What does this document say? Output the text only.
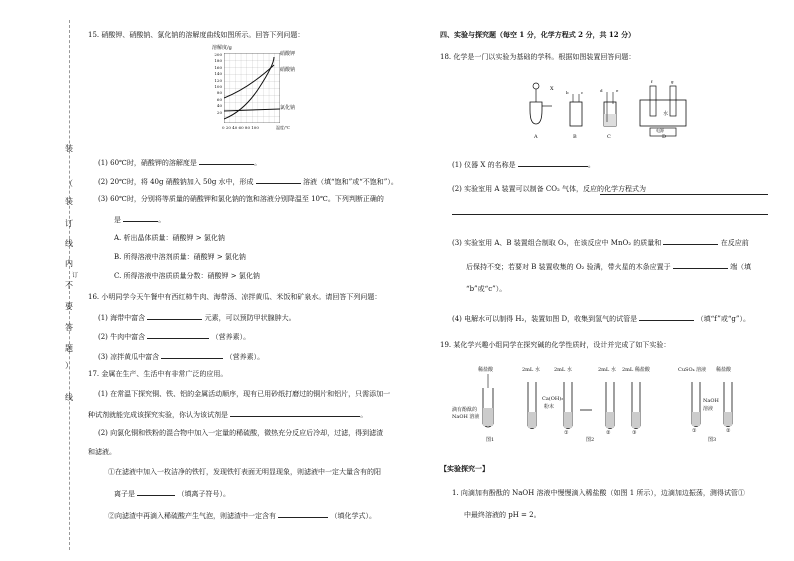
装
（
装
订
线
内
不
要
答
题
）
订
线
15. 硝酸钾、硝酸钠、氯化钠的溶解度曲线如图所示。回答下列问题：
溶解度/g
200
180
160
140
120
100
80
60
40
20
硝酸钾
硝酸钠
氯化钠
0 20 40 60 80 100	温度/℃
(1) 60℃时，硝酸钾的溶解度是	。
(2) 20℃时，将 40g 硝酸钠加入 50g 水中，形成	溶液（填“饱和”或“不饱和”）。
(3) 60℃时，分别将等质量的硝酸钾和氯化钠的饱和溶液分别降温至 10℃。下列判断正确的
是	。
A. 析出晶体质量：硝酸钾 > 氯化钠
B. 所得溶液中溶剂质量：硝酸钾 > 氯化钠
C. 所得溶液中溶质质量分数：硝酸钾 > 氯化钠
16. 小明同学今天午餐中有西红柿牛肉、海带汤、凉拌黄瓜、米饭和矿泉水。请回答下列问题：
(1) 海带中富含	元素，可以预防甲状腺肿大。
(2) 牛肉中富含	（营养素）。
(3) 凉拌黄瓜中富含	（营养素）。
17. 金属在生产、生活中有非常广泛的应用。
(1) 在常温下探究铜、铁、铝的金属活动顺序，现有已用砂纸打磨过的铜片和铝片，只需添加一
种试剂就能完成该探究实验，你认为该试剂是	。
(2) 向氯化铜和铁粉的混合物中加入一定量的稀硫酸，微热充分反应后冷却，过滤，得到滤渣
和滤液。
①在滤液中加入一枚洁净的铁钉，发现铁钉表面无明显现象，则滤液中一定大量含有的阳
离子是	（填离子符号）。
②向滤渣中再滴入稀硫酸产生气泡，则滤渣中一定含有	（填化学式）。
四、实验与探究题（每空 1 分，化学方程式 2 分，共 12 分）
18. 化学是一门以实验为基础的学科。根据如图装置回答问题：
X
b	c	d	e
f	g
A	B	C	D
水
电源
(1) 仪器 X 的名称是	。
(2) 实验室用 A 装置可以制备 CO₂ 气体，反应的化学方程式为
(3) 实验室用 A、B 装置组合制取 O₂，在该反应中 MnO₂ 的质量和	在反应前
后保持不变；若要对 B 装置收集的 O₂ 验满，带火星的木条应置于	端（填
“b”或“c”）。
(4) 电解水可以制得 H₂，装置如图 D，收集到氢气的试管是	（填“f”或“g”）。
19. 某化学兴趣小组同学在探究碱的化学性质时，设计并完成了如下实验：
稀盐酸
滴有酚酞的
NaOH 溶液
图1
2mL 水	2mL 水	2mL 水 2mL 稀盐酸
Ca(OH)₂
粉末
①	②	③
图2
CuSO₄ 溶液 稀盐酸
NaOH
溶液
①	②
图3
【实验探究一】
1. 向滴加有酚酞的 NaOH 溶液中慢慢滴入稀盐酸（如图 1 所示），边滴加边振荡，测得试管①
中最终溶液的 pH = 2。
